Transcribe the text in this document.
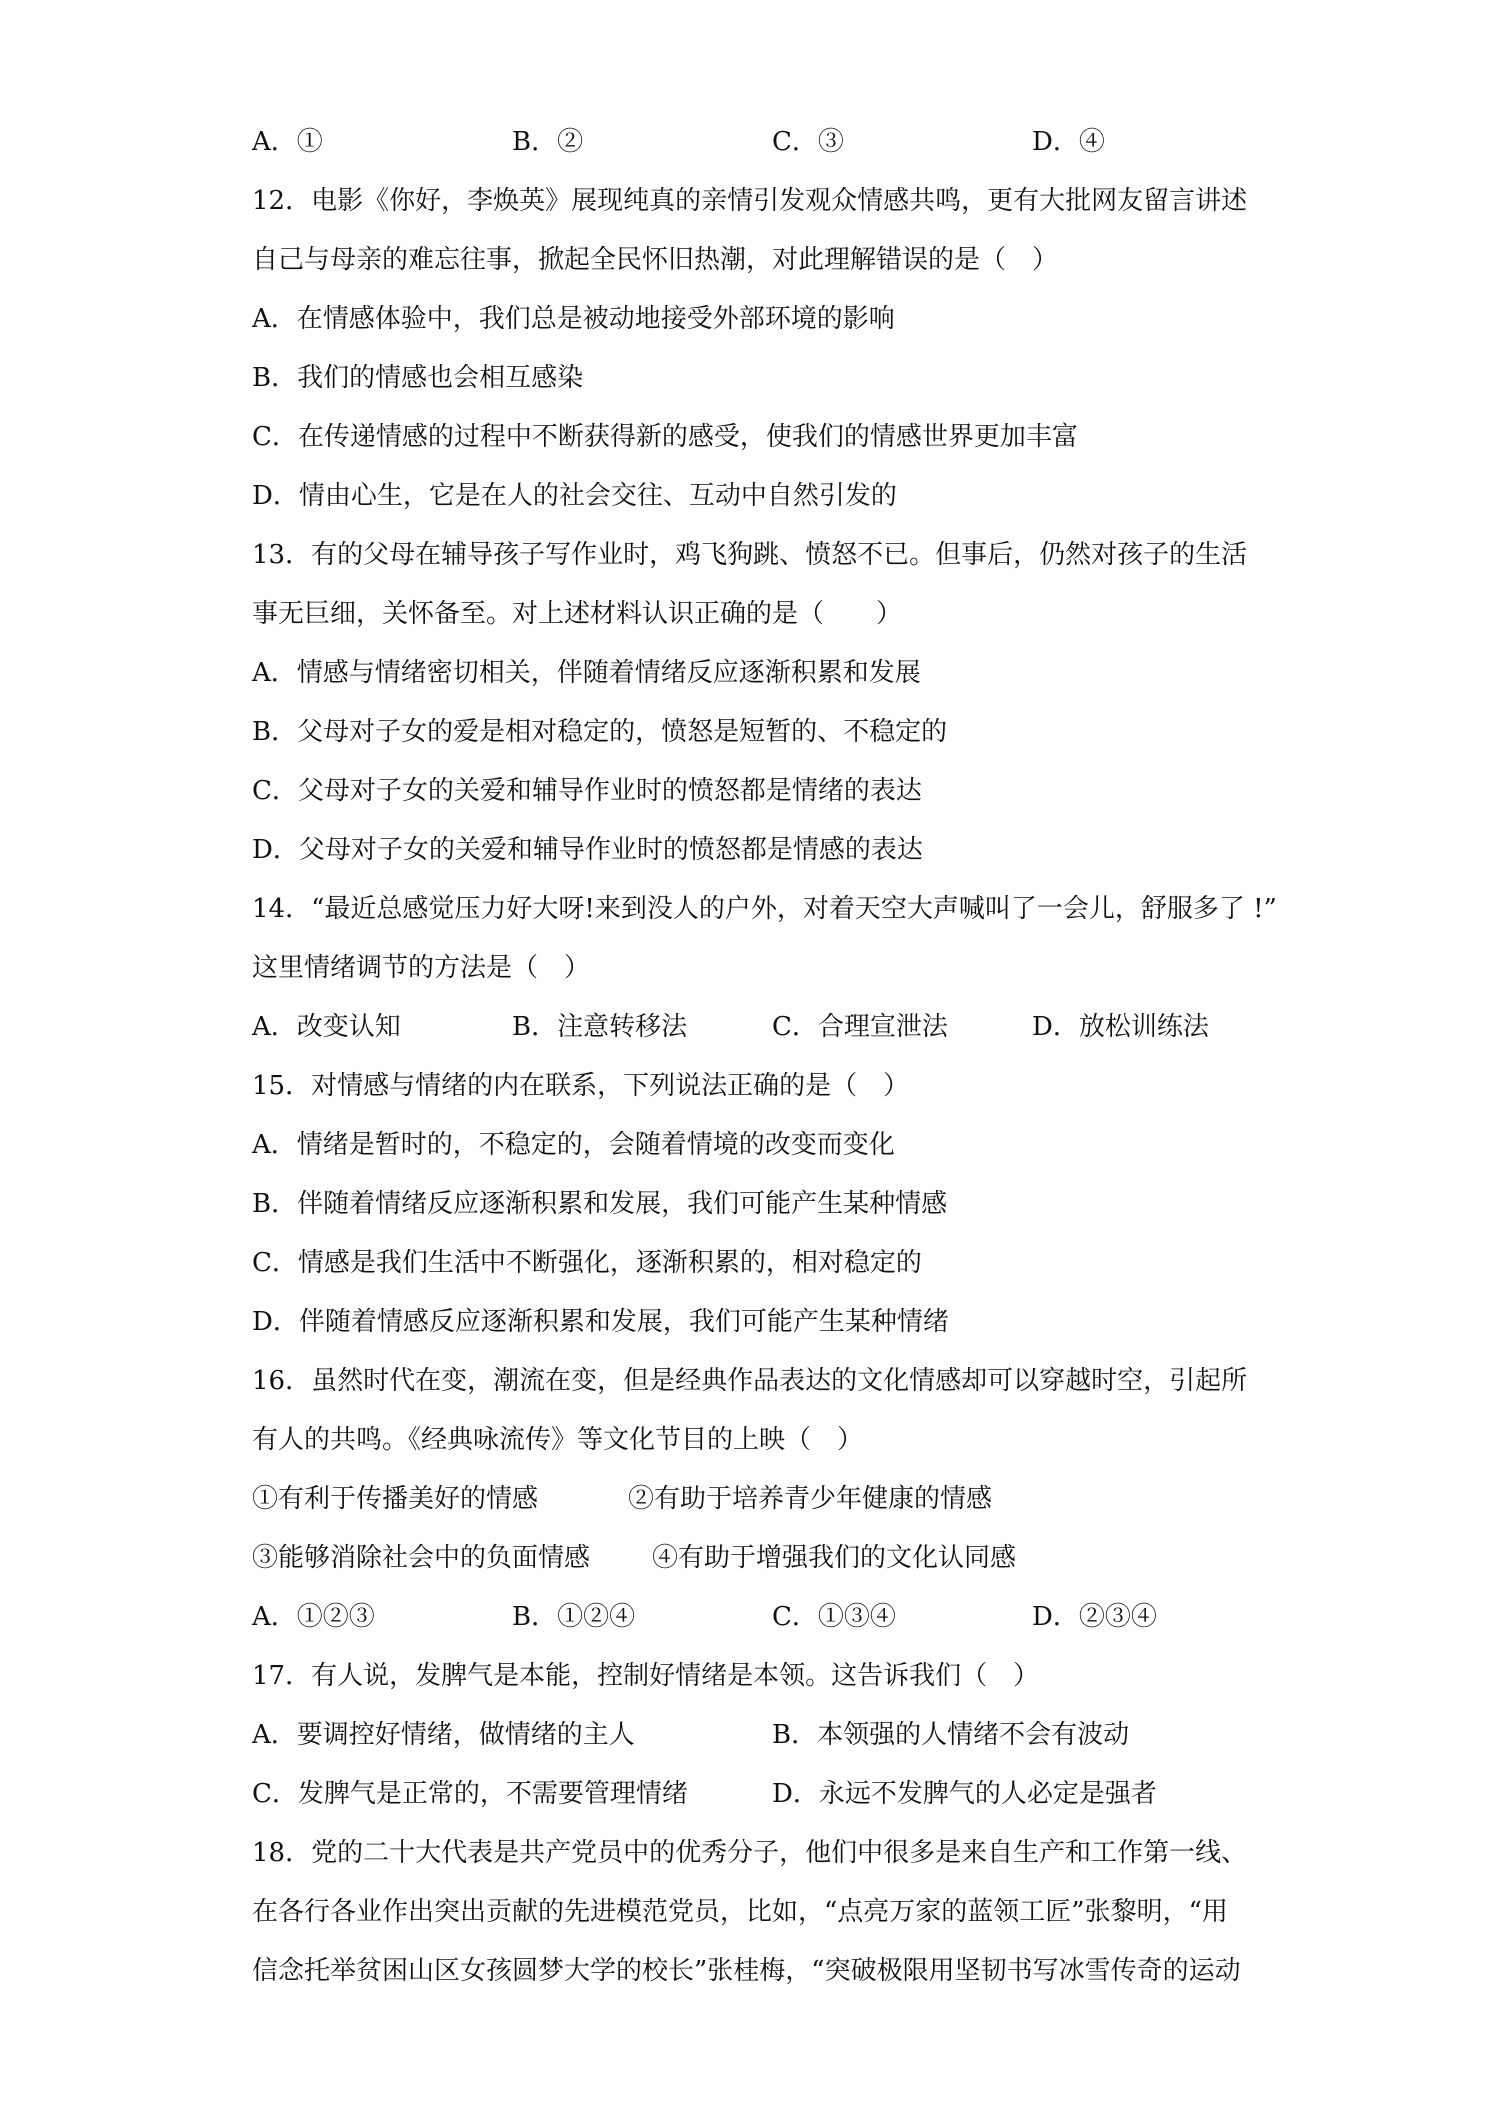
A．①	B．②	C．③	D．④
12．电影《你好，李焕英》展现纯真的亲情引发观众情感共鸣，更有大批网友留言讲述
自己与母亲的难忘往事，掀起全民怀旧热潮，对此理解错误的是（　）
A．在情感体验中，我们总是被动地接受外部环境的影响
B．我们的情感也会相互感染
C．在传递情感的过程中不断获得新的感受，使我们的情感世界更加丰富
D．情由心生，它是在人的社会交往、互动中自然引发的
13．有的父母在辅导孩子写作业时，鸡飞狗跳、愤怒不已。但事后，仍然对孩子的生活
事无巨细，关怀备至。对上述材料认识正确的是（　　）
A．情感与情绪密切相关，伴随着情绪反应逐渐积累和发展
B．父母对子女的爱是相对稳定的，愤怒是短暂的、不稳定的
C．父母对子女的关爱和辅导作业时的愤怒都是情绪的表达
D．父母对子女的关爱和辅导作业时的愤怒都是情感的表达
14．“最近总感觉压力好大呀!来到没人的户外，对着天空大声喊叫了一会儿，舒服多了 !”
这里情绪调节的方法是（　）
A．改变认知	B．注意转移法	C．合理宣泄法	D．放松训练法
15．对情感与情绪的内在联系，下列说法正确的是（　）
A．情绪是暂时的，不稳定的，会随着情境的改变而变化
B．伴随着情绪反应逐渐积累和发展，我们可能产生某种情感
C．情感是我们生活中不断强化，逐渐积累的，相对稳定的
D．伴随着情感反应逐渐积累和发展，我们可能产生某种情绪
16．虽然时代在变，潮流在变，但是经典作品表达的文化情感却可以穿越时空，引起所
有人的共鸣。《经典咏流传》等文化节目的上映（　）
①有利于传播美好的情感	②有助于培养青少年健康的情感
③能够消除社会中的负面情感 ④有助于增强我们的文化认同感
A．①②③	B．①②④	C．①③④	D．②③④
17．有人说，发脾气是本能，控制好情绪是本领。这告诉我们（　）
A．要调控好情绪，做情绪的主人	B．本领强的人情绪不会有波动
C．发脾气是正常的，不需要管理情绪	D．永远不发脾气的人必定是强者
18．党的二十大代表是共产党员中的优秀分子，他们中很多是来自生产和工作第一线、
在各行各业作出突出贡献的先进模范党员，比如，“点亮万家的蓝领工匠”张黎明，“用
信念托举贫困山区女孩圆梦大学的校长”张桂梅，“突破极限用坚韧书写冰雪传奇的运动
